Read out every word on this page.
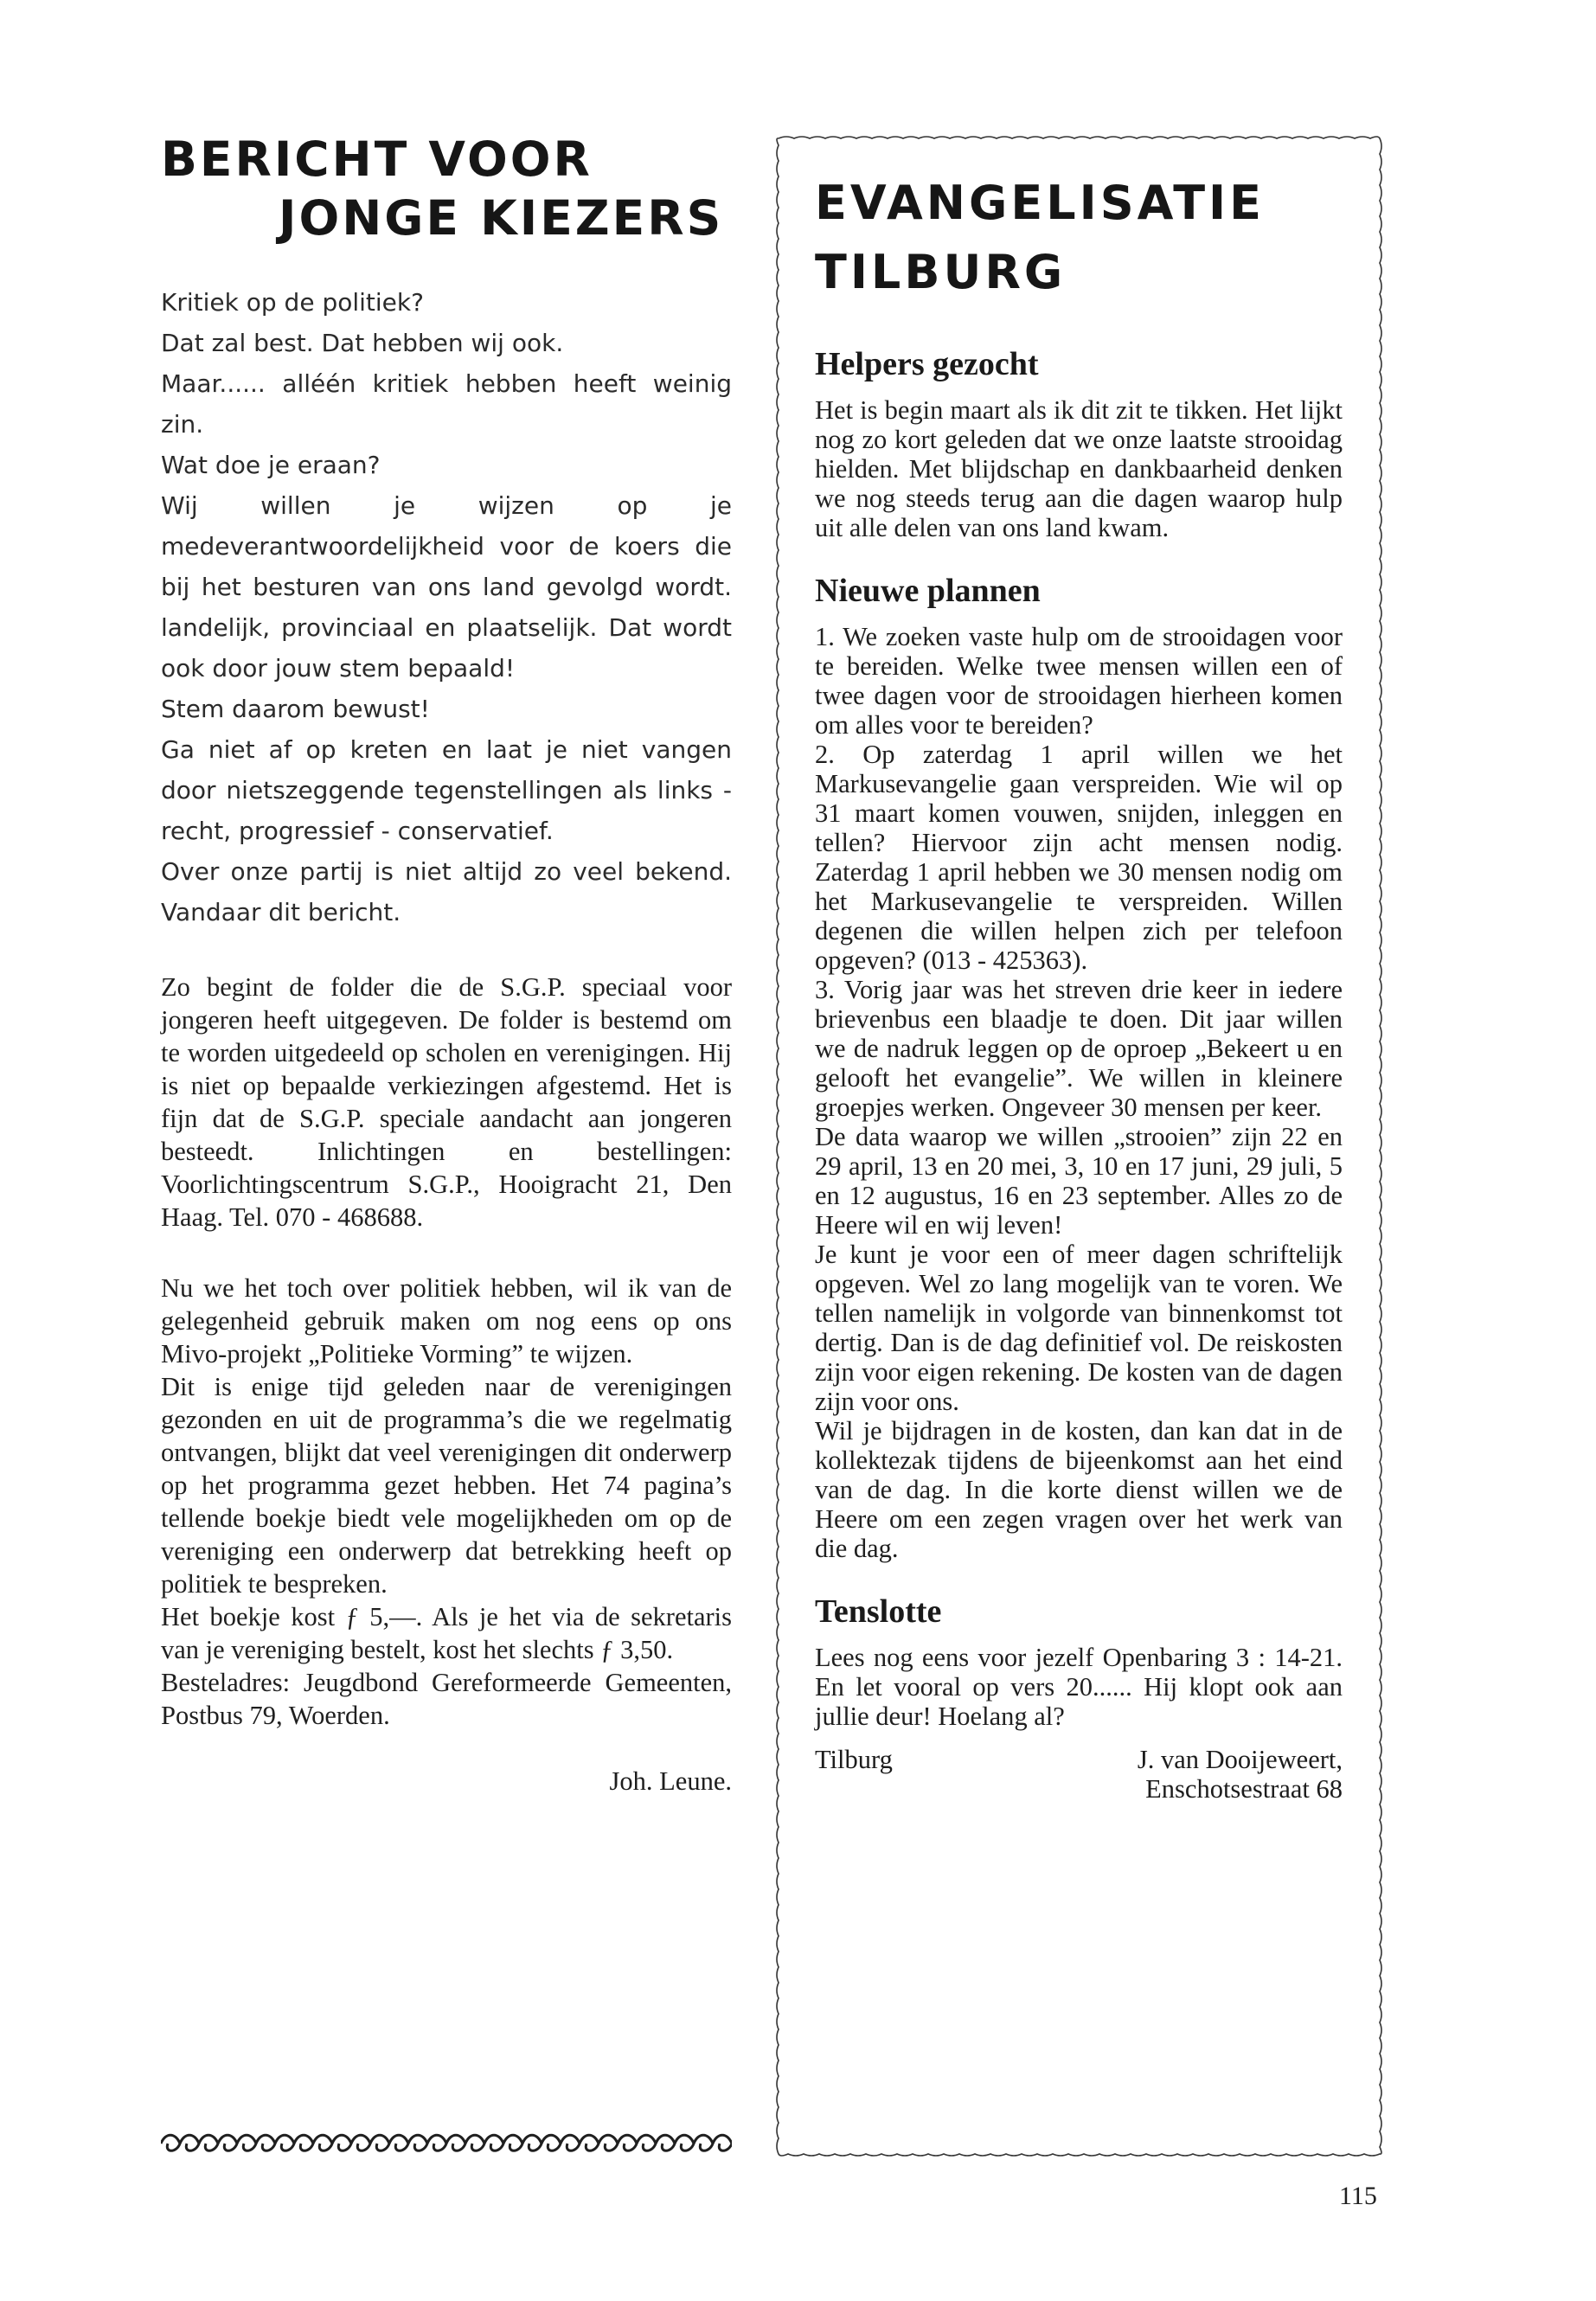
BERICHT VOOR
JONGE KIEZERS

Kritiek op de politiek?

Dat zal best. Dat hebben wij ook.

Maar...... alléén kritiek hebben heeft weinig zin.

Wat doe je eraan?

Wij willen je wijzen op je medeverantwoordelijkheid voor de koers die bij het besturen van ons land gevolgd wordt. landelijk, provinciaal en plaatselijk. Dat wordt ook door jouw stem bepaald!

Stem daarom bewust!

Ga niet af op kreten en laat je niet vangen door nietszeggende tegenstellingen als links - recht, progressief - conservatief.

Over onze partij is niet altijd zo veel bekend. Vandaar dit bericht.

Zo begint de folder die de S.G.P. speciaal voor jongeren heeft uitgegeven. De folder is bestemd om te worden uitgedeeld op scholen en verenigingen. Hij is niet op bepaalde verkiezingen afgestemd. Het is fijn dat de S.G.P. speciale aandacht aan jongeren besteedt. Inlichtingen en bestellingen: Voorlichtingscentrum S.G.P., Hooigracht 21, Den Haag. Tel. 070 - 468688.

Nu we het toch over politiek hebben, wil ik van de gelegenheid gebruik maken om nog eens op ons Mivo-projekt „Politieke Vorming” te wijzen.

Dit is enige tijd geleden naar de verenigingen gezonden en uit de programma’s die we regelmatig ontvangen, blijkt dat veel verenigingen dit onderwerp op het programma gezet hebben. Het 74 pagina’s tellende boekje biedt vele mogelijkheden om op de vereniging een onderwerp dat betrekking heeft op politiek te bespreken.

Het boekje kost ƒ 5,—. Als je het via de sekretaris van je vereniging bestelt, kost het slechts ƒ 3,50.

Besteladres: Jeugdbond Gereformeerde Gemeenten, Postbus 79, Woerden.

Joh. Leune.
EVANGELISATIE
TILBURG
Helpers gezocht

Het is begin maart als ik dit zit te tikken. Het lijkt nog zo kort geleden dat we onze laatste strooidag hielden. Met blijdschap en dankbaarheid denken we nog steeds terug aan die dagen waarop hulp uit alle delen van ons land kwam.

Nieuwe plannen

1. We zoeken vaste hulp om de strooidagen voor te bereiden. Welke twee mensen willen een of twee dagen voor de strooidagen hierheen komen om alles voor te bereiden?

2. Op zaterdag 1 april willen we het Markusevangelie gaan verspreiden. Wie wil op 31 maart komen vouwen, snijden, inleggen en tellen? Hiervoor zijn acht mensen nodig. Zaterdag 1 april hebben we 30 mensen nodig om het Markusevangelie te verspreiden. Willen degenen die willen helpen zich per telefoon opgeven? (013 - 425363).

3. Vorig jaar was het streven drie keer in iedere brievenbus een blaadje te doen. Dit jaar willen we de nadruk leggen op de oproep „Bekeert u en gelooft het evangelie”. We willen in kleinere groepjes werken. Ongeveer 30 mensen per keer.

De data waarop we willen „strooien” zijn 22 en 29 april, 13 en 20 mei, 3, 10 en 17 juni, 29 juli, 5 en 12 augustus, 16 en 23 september. Alles zo de Heere wil en wij leven!

Je kunt je voor een of meer dagen schriftelijk opgeven. Wel zo lang mogelijk van te voren. We tellen namelijk in volgorde van binnenkomst tot dertig. Dan is de dag definitief vol. De reiskosten zijn voor eigen rekening. De kosten van de dagen zijn voor ons.

Wil je bijdragen in de kosten, dan kan dat in de kollektezak tijdens de bijeenkomst aan het eind van de dag. In die korte dienst willen we de Heere om een zegen vragen over het werk van die dag.

Tenslotte

Lees nog eens voor jezelf Openbaring 3 : 14-21. En let vooral op vers 20...... Hij klopt ook aan jullie deur! Hoelang al?

Tilburg	J. van Dooijeweert,
Enschotsestraat 68
115
